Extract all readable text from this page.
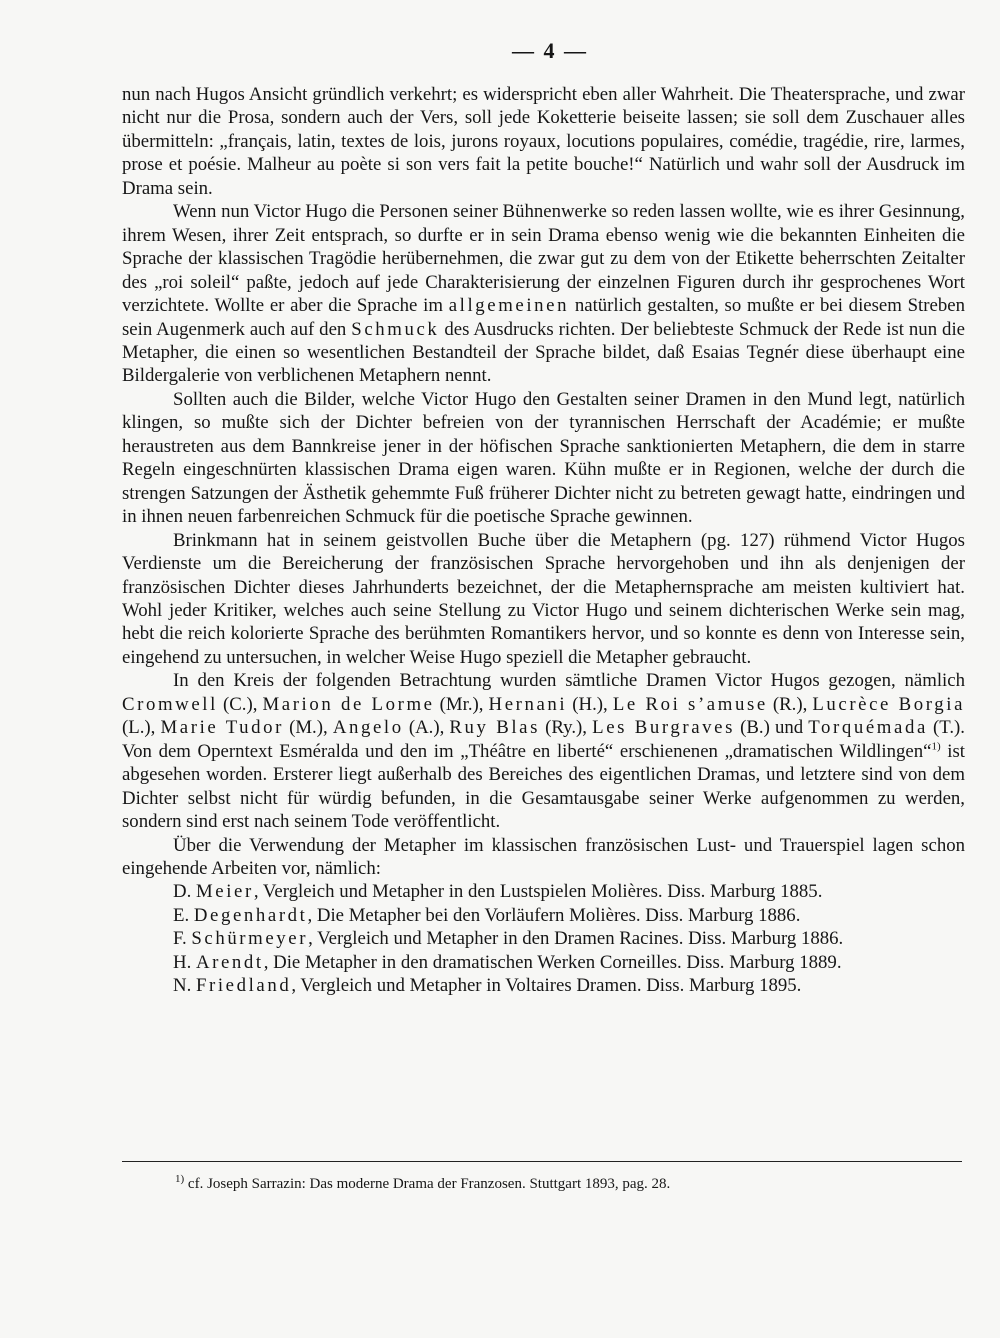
— 4 —

nun nach Hugos Ansicht gründlich verkehrt; es widerspricht eben aller Wahrheit. Die Theatersprache, und zwar nicht nur die Prosa, sondern auch der Vers, soll jede Koketterie beiseite lassen; sie soll dem Zuschauer alles übermitteln: „français, latin, textes de lois, jurons royaux, locutions populaires, comédie, tragédie, rire, larmes, prose et poésie. Malheur au poète si son vers fait la petite bouche!“ Natürlich und wahr soll der Ausdruck im Drama sein.

Wenn nun Victor Hugo die Personen seiner Bühnenwerke so reden lassen wollte, wie es ihrer Gesinnung, ihrem Wesen, ihrer Zeit entsprach, so durfte er in sein Drama ebenso wenig wie die bekannten Einheiten die Sprache der klassischen Tragödie herübernehmen, die zwar gut zu dem von der Etikette beherrschten Zeitalter des „roi soleil“ paßte, jedoch auf jede Charakterisierung der einzelnen Figuren durch ihr gesprochenes Wort verzichtete. Wollte er aber die Sprache im allgemeinen natürlich gestalten, so mußte er bei diesem Streben sein Augenmerk auch auf den Schmuck des Ausdrucks richten. Der beliebteste Schmuck der Rede ist nun die Metapher, die einen so wesentlichen Bestandteil der Sprache bildet, daß Esaias Tegnér diese überhaupt eine Bildergalerie von verblichenen Metaphern nennt.

Sollten auch die Bilder, welche Victor Hugo den Gestalten seiner Dramen in den Mund legt, natürlich klingen, so mußte sich der Dichter befreien von der tyrannischen Herrschaft der Académie; er mußte heraustreten aus dem Bannkreise jener in der höfischen Sprache sanktionierten Metaphern, die dem in starre Regeln eingeschnürten klassischen Drama eigen waren. Kühn mußte er in Regionen, welche der durch die strengen Satzungen der Ästhetik gehemmte Fuß früherer Dichter nicht zu betreten gewagt hatte, eindringen und in ihnen neuen farbenreichen Schmuck für die poetische Sprache gewinnen.

Brinkmann hat in seinem geistvollen Buche über die Metaphern (pg. 127) rühmend Victor Hugos Verdienste um die Bereicherung der französischen Sprache hervorgehoben und ihn als denjenigen der französischen Dichter dieses Jahrhunderts bezeichnet, der die Metaphernsprache am meisten kultiviert hat. Wohl jeder Kritiker, welches auch seine Stellung zu Victor Hugo und seinem dichterischen Werke sein mag, hebt die reich kolorierte Sprache des berühmten Romantikers hervor, und so konnte es denn von Interesse sein, eingehend zu untersuchen, in welcher Weise Hugo speziell die Metapher gebraucht.

In den Kreis der folgenden Betrachtung wurden sämtliche Dramen Victor Hugos gezogen, nämlich Cromwell (C.), Marion de Lorme (Mr.), Hernani (H.), Le Roi s’amuse (R.), Lucrèce Borgia (L.), Marie Tudor (M.), Angelo (A.), Ruy Blas (Ry.), Les Burgraves (B.) und Torquémada (T.). Von dem Operntext Esméralda und den im „Théâtre en liberté“ erschienenen „dramatischen Wildlingen“$^{1)}$ ist abgesehen worden. Ersterer liegt außerhalb des Bereiches des eigentlichen Dramas, und letztere sind von dem Dichter selbst nicht für würdig befunden, in die Gesamtausgabe seiner Werke aufgenommen zu werden, sondern sind erst nach seinem Tode veröffentlicht.

Über die Verwendung der Metapher im klassischen französischen Lust- und Trauerspiel lagen schon eingehende Arbeiten vor, nämlich:

D. Meier, Vergleich und Metapher in den Lustspielen Molières. Diss. Marburg 1885.
E. Degenhardt, Die Metapher bei den Vorläufern Molières. Diss. Marburg 1886.
F. Schürmeyer, Vergleich und Metapher in den Dramen Racines. Diss. Marburg 1886.
H. Arendt, Die Metapher in den dramatischen Werken Corneilles. Diss. Marburg 1889.
N. Friedland, Vergleich und Metapher in Voltaires Dramen. Diss. Marburg 1895.
$^{1)}$ cf. Joseph Sarrazin: Das moderne Drama der Franzosen. Stuttgart 1893, pag. 28.
